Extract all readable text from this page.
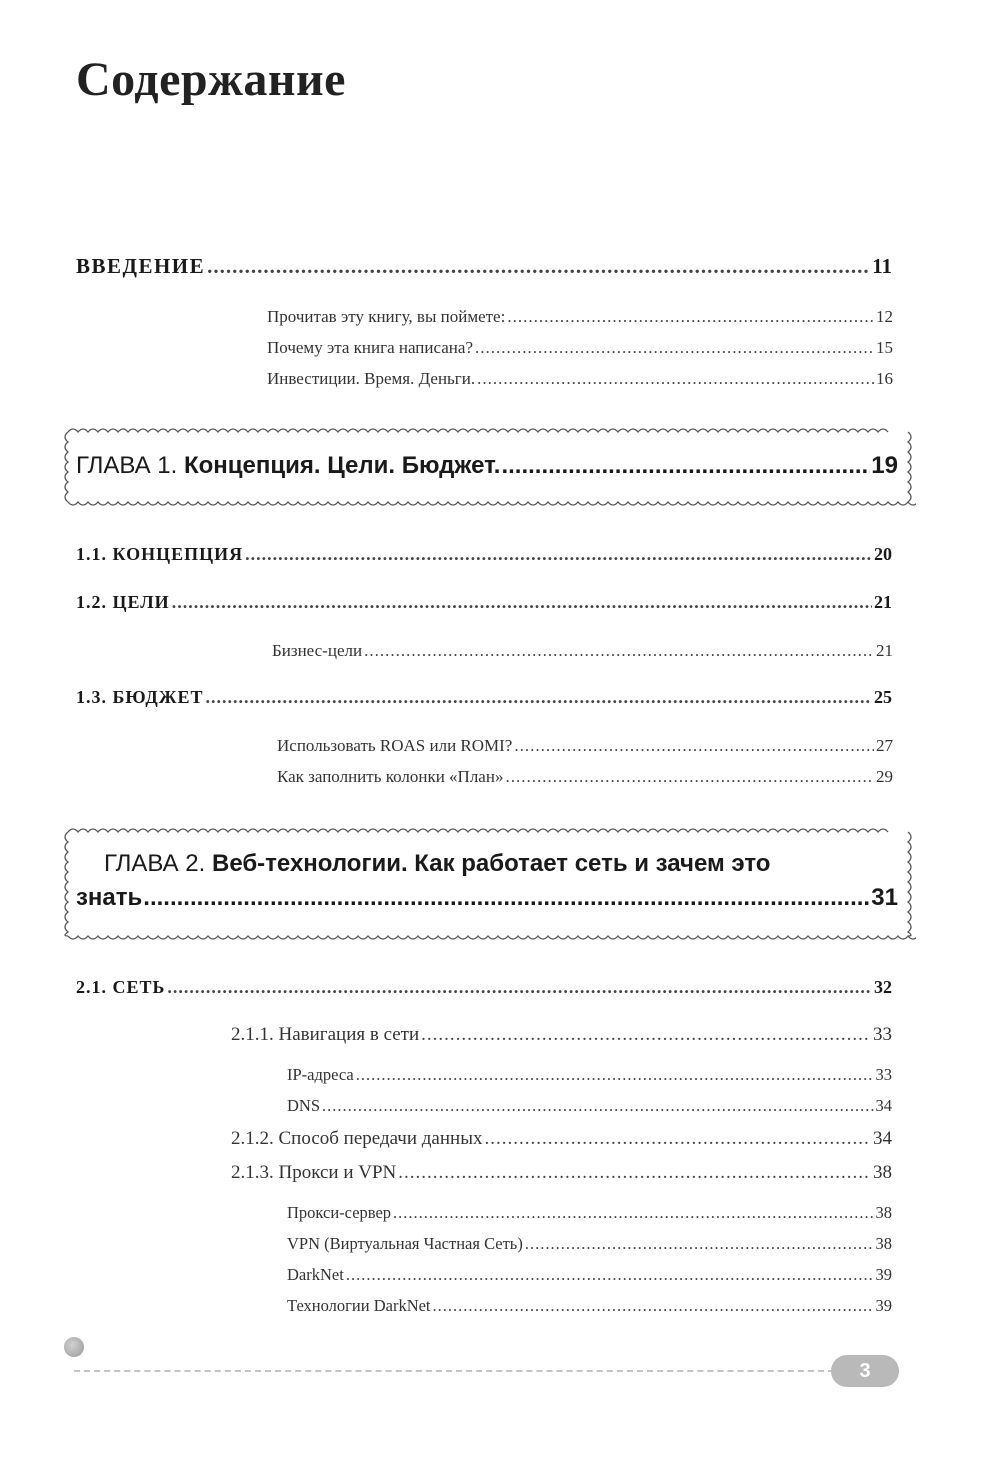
Содержание
ВВЕДЕНИЕ .....	11
Прочитав эту книгу, вы поймете: .....	12
Почему эта книга написана? .....	15
Инвестиции. Время. Деньги. .....	16
ГЛАВА 1. Концепция. Цели. Бюджет. .....	19
1.1. КОНЦЕПЦИЯ .....	20
1.2. ЦЕЛИ .....	21
Бизнес-цели .....	21
1.3. БЮДЖЕТ .....	25
Использовать ROAS или ROMI? .....	27
Как заполнить колонки «План» .....	29
ГЛАВА 2. Веб-технологии. Как работает сеть и зачем это
знать .....	31
2.1. СЕТЬ .....	32
2.1.1. Навигация в сети .....	33
IP-адреса .....	33
DNS .....	34
2.1.2. Способ передачи данных .....	34
2.1.3. Прокси и VPN .....	38
Прокси-сервер .....	38
VPN (Виртуальная Частная Сеть) .....	38
DarkNet .....	39
Технологии DarkNet .....	39
3
